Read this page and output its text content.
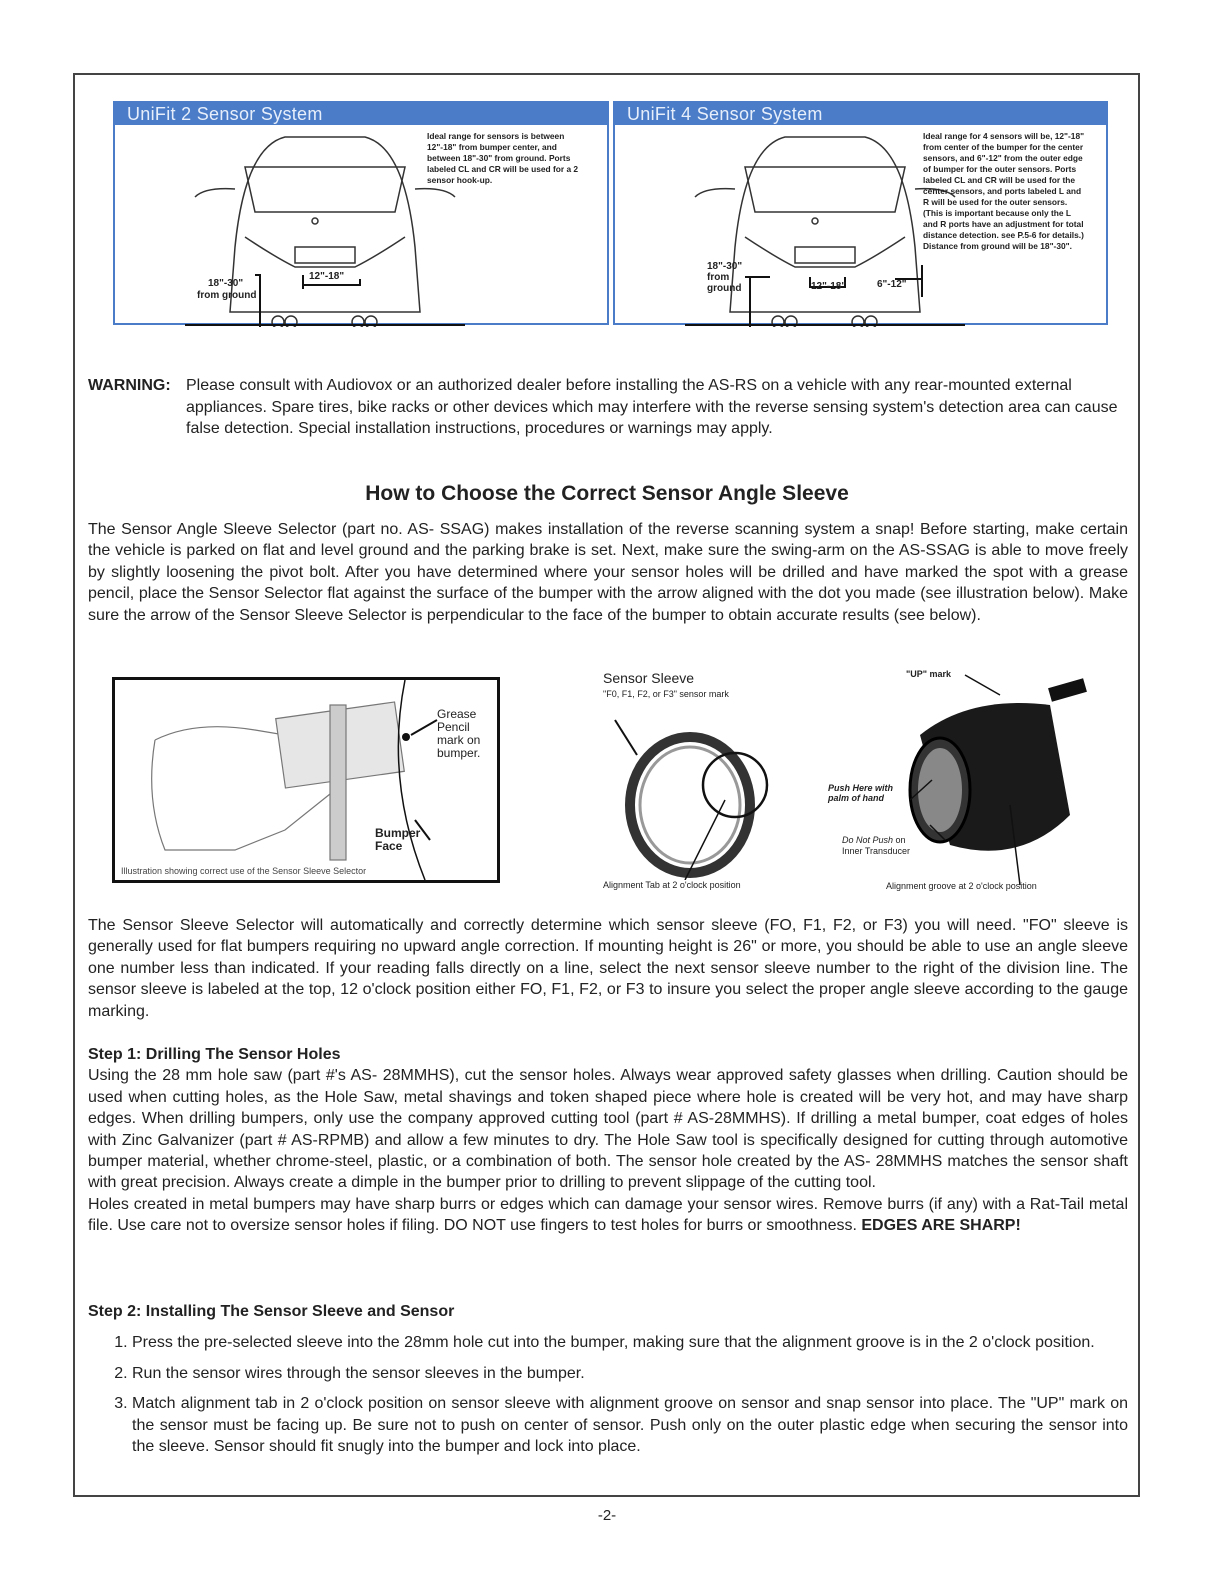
UniFit 2 Sensor System
18"-30"
from ground
12"-18"
Ideal range for sensors is between 12"-18" from bumper center, and between 18"-30" from ground. Ports labeled CL and CR will be used for a 2 sensor hook-up.
UniFit 4 Sensor System
18"-30"
from
ground	12"-18"	6"-12"
Ideal range for 4 sensors will be, 12"-18" from center of the bumper for the center sensors, and 6"-12" from the outer edge of bumper for the outer sensors. Ports labeled CL and CR will be used for the center sensors, and ports labeled L and R will be used for the outer sensors. (This is important because only the L and R ports have an adjustment for total distance detection. see P.5-6 for details.) Distance from ground will be 18"-30".
WARNING: Please consult with Audiovox or an authorized dealer before installing the AS-RS on a vehicle with any rear-mounted external appliances. Spare tires, bike racks or other devices which may interfere with the reverse sensing system's detection area can cause false detection. Special installation instructions, procedures or warnings may apply.
How to Choose the Correct Sensor Angle Sleeve
The Sensor Angle Sleeve Selector (part no. AS- SSAG) makes installation of the reverse scanning system a snap! Before starting, make certain the vehicle is parked on flat and level ground and the parking brake is set. Next, make sure the swing-arm on the AS-SSAG is able to move freely by slightly loosening the pivot bolt. After you have determined where your sensor holes will be drilled and have marked the spot with a grease pencil, place the Sensor Selector flat against the surface of the bumper with the arrow aligned with the dot you made (see illustration below). Make sure the arrow of the Sensor Sleeve Selector is perpendicular to the face of the bumper to obtain accurate results (see below).
Grease Pencil mark on bumper.
Bumper Face
Illustration showing correct use of the Sensor Sleeve Selector
Sensor Sleeve
"F0, F1, F2, or F3" sensor mark
Alignment Tab at 2 o'clock position
"UP" mark
Push Here with palm of hand
Do Not Push on
Inner Transducer
Alignment groove at 2 o'clock position
The Sensor Sleeve Selector will automatically and correctly determine which sensor sleeve (FO, F1, F2, or F3) you will need. "FO" sleeve is generally used for flat bumpers requiring no upward angle correction. If mounting height is 26" or more, you should be able to use an angle sleeve one number less than indicated. If your reading falls directly on a line, select the next sensor sleeve number to the right of the division line. The sensor sleeve is labeled at the top, 12 o'clock position either FO, F1, F2, or F3 to insure you select the proper angle sleeve according to the gauge marking.
Step 1: Drilling The Sensor Holes
Using the 28 mm hole saw (part #'s AS- 28MMHS), cut the sensor holes. Always wear approved safety glasses when drilling. Caution should be used when cutting holes, as the Hole Saw, metal shavings and token shaped piece where hole is created will be very hot, and may have sharp edges. When drilling bumpers, only use the company approved cutting tool (part # AS-28MMHS). If drilling a metal bumper, coat edges of holes with Zinc Galvanizer (part # AS-RPMB) and allow a few minutes to dry. The Hole Saw tool is specifically designed for cutting through automotive bumper material, whether chrome-steel, plastic, or a combination of both. The sensor hole created by the AS- 28MMHS matches the sensor shaft with great precision. Always create a dimple in the bumper prior to drilling to prevent slippage of the cutting tool.
Holes created in metal bumpers may have sharp burrs or edges which can damage your sensor wires. Remove burrs (if any) with a Rat-Tail metal file. Use care not to oversize sensor holes if filing. DO NOT use fingers to test holes for burrs or smoothness. EDGES ARE SHARP!
Step 2: Installing The Sensor Sleeve and Sensor
1. Press the pre-selected sleeve into the 28mm hole cut into the bumper, making sure that the alignment groove is in the 2 o'clock position.
2. Run the sensor wires through the sensor sleeves in the bumper.
3. Match alignment tab in 2 o'clock position on sensor sleeve with alignment groove on sensor and snap sensor into place. The "UP" mark on the sensor must be facing up. Be sure not to push on center of sensor. Push only on the outer plastic edge when securing the sensor into the sleeve. Sensor should fit snugly into the bumper and lock into place.
-2-
